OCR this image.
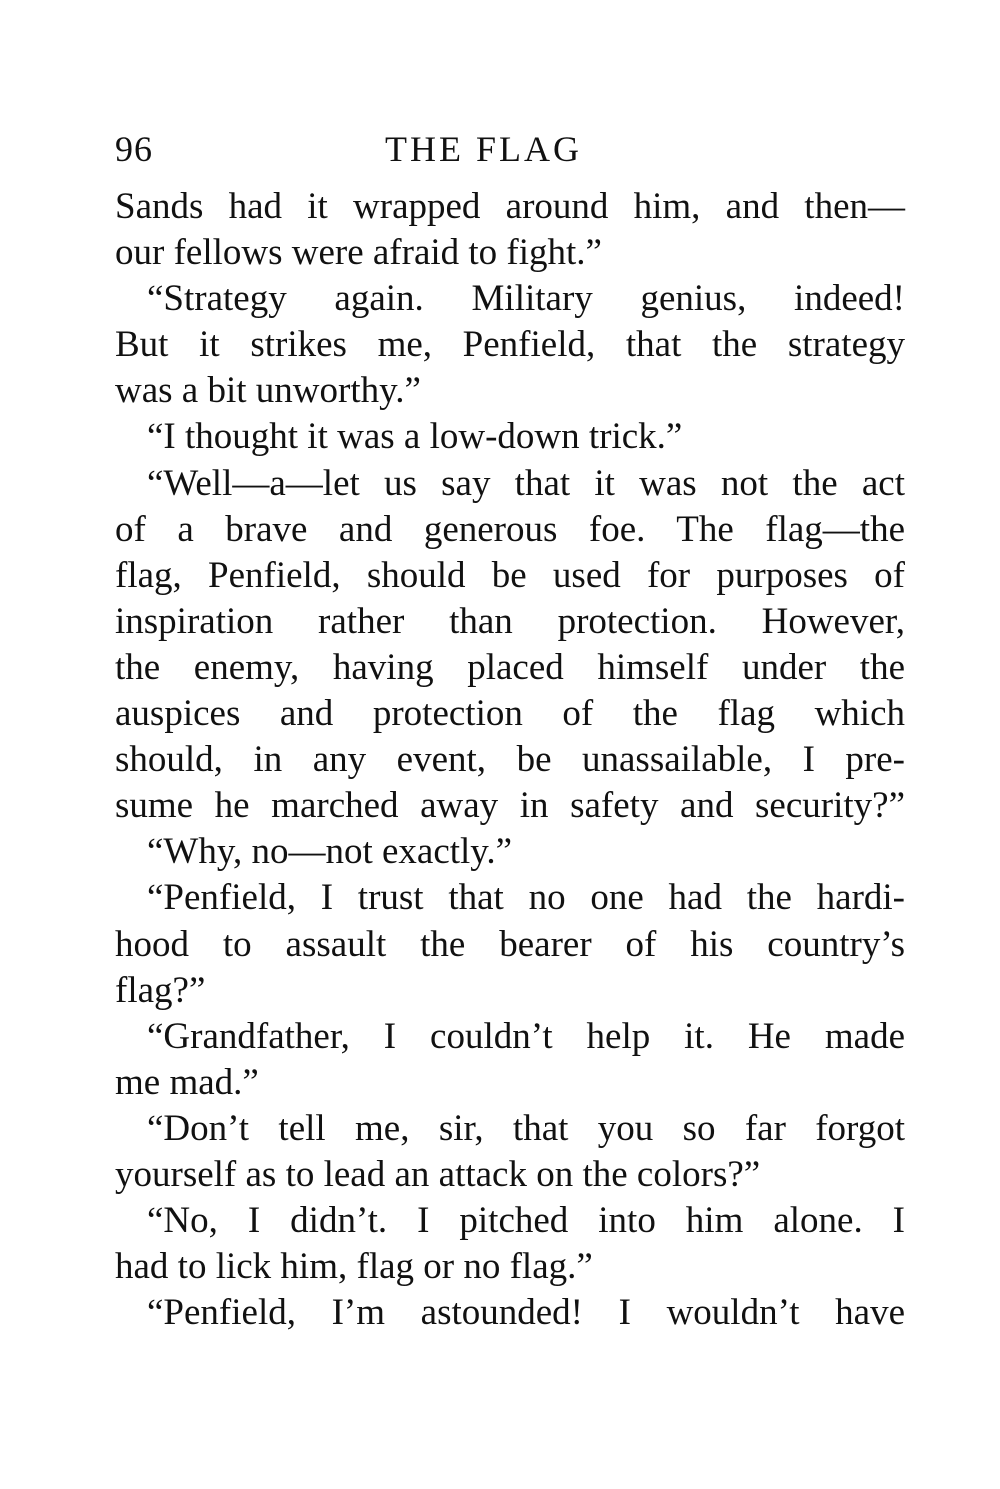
96	THE FLAG
Sands had it wrapped around him, and then—
our fellows were afraid to fight.”
“Strategy again. Military genius, indeed!
But it strikes me, Penfield, that the strategy
was a bit unworthy.”
“I thought it was a low-down trick.”
“Well—a—let us say that it was not the act
of a brave and generous foe. The flag—the
flag, Penfield, should be used for purposes of
inspiration rather than protection. However,
the enemy, having placed himself under the
auspices and protection of the flag which
should, in any event, be unassailable, I pre-
sume he marched away in safety and security?”
“Why, no—not exactly.”
“Penfield, I trust that no one had the hardi-
hood to assault the bearer of his country’s
flag?”
“Grandfather, I couldn’t help it. He made
me mad.”
“Don’t tell me, sir, that you so far forgot
yourself as to lead an attack on the colors?”
“No, I didn’t. I pitched into him alone. I
had to lick him, flag or no flag.”
“Penfield, I’m astounded! I wouldn’t have
